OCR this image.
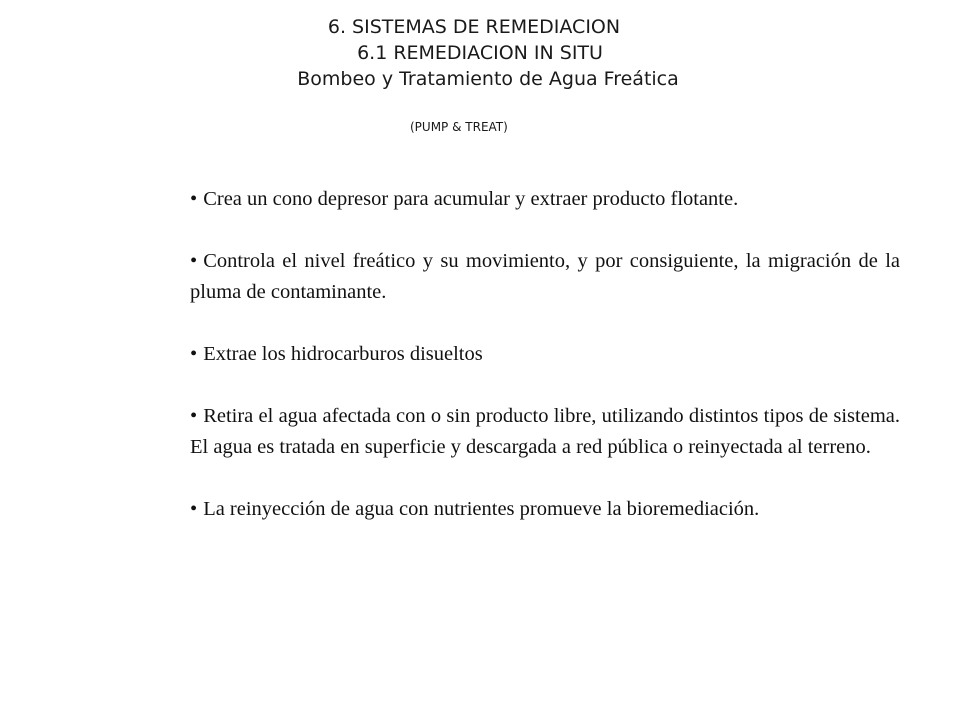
6. SISTEMAS DE REMEDIACION
6.1 REMEDIACION IN SITU
Bombeo y Tratamiento de Agua Freática
(PUMP & TREAT)

• Crea un cono depresor para acumular y extraer producto flotante.

• Controla el nivel freático y su movimiento, y por consiguiente, la migración de la pluma de contaminante.

• Extrae los hidrocarburos disueltos

• Retira el agua afectada con o sin producto libre, utilizando distintos tipos de sistema. El agua es tratada en superficie y descargada a red pública o reinyectada al terreno.

• La reinyección de agua con nutrientes promueve la bioremediación.
